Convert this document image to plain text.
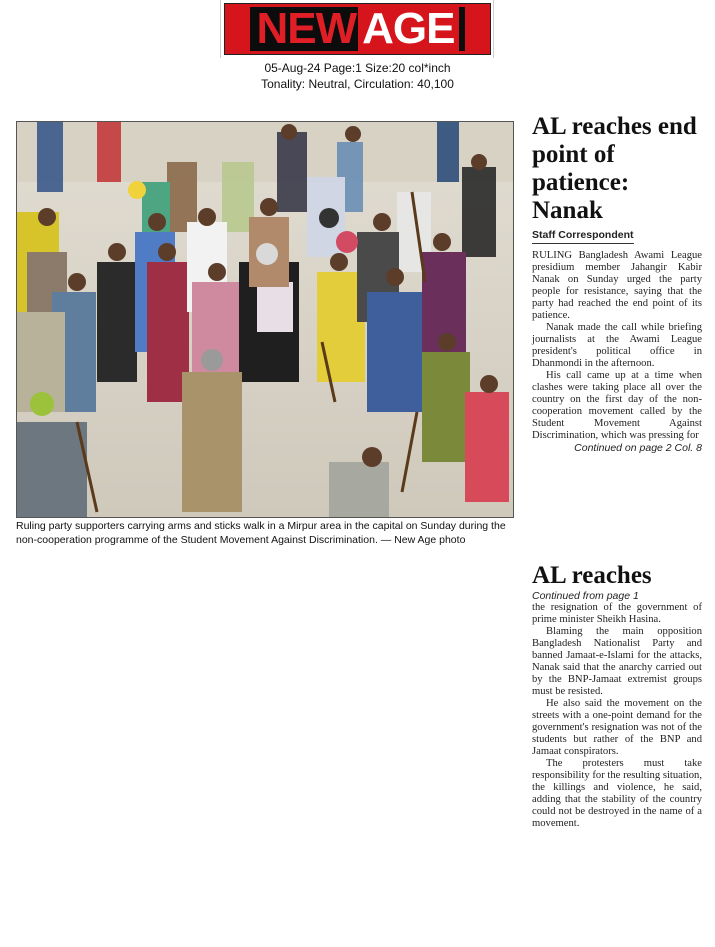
NEW AGE
05-Aug-24 Page:1 Size:20 col*inch
Tonality: Neutral, Circulation: 40,100
Ruling party supporters carrying arms and sticks walk in a Mirpur area in the capital on Sunday during the non-cooperation programme of the Student Movement Against Discrimination. — New Age photo
AL reaches end point of patience: Nanak
Staff Correspondent

RULING Bangladesh Awami League presidium member Jahangir Kabir Nanak on Sunday urged the party people for resistance, saying that the party had reached the end point of its patience.

Nanak made the call while briefing journalists at the Awami League president's political office in Dhanmondi in the afternoon.

His call came up at a time when clashes were taking place all over the country on the first day of the non-cooperation movement called by the Student Movement Against Discrimination, which was pressing for

Continued on page 2 Col. 8
AL reaches
Continued from page 1

the resignation of the government of prime minister Sheikh Hasina.

Blaming the main opposition Bangladesh Nationalist Party and banned Jamaat-e-Islami for the attacks, Nanak said that the anarchy carried out by the BNP-Jamaat extremist groups must be resisted.

He also said the movement on the streets with a one-point demand for the government's resignation was not of the students but rather of the BNP and Jamaat conspirators.

The protesters must take responsibility for the resulting situation, the killings and violence, he said, adding that the stability of the country could not be destroyed in the name of a movement.
